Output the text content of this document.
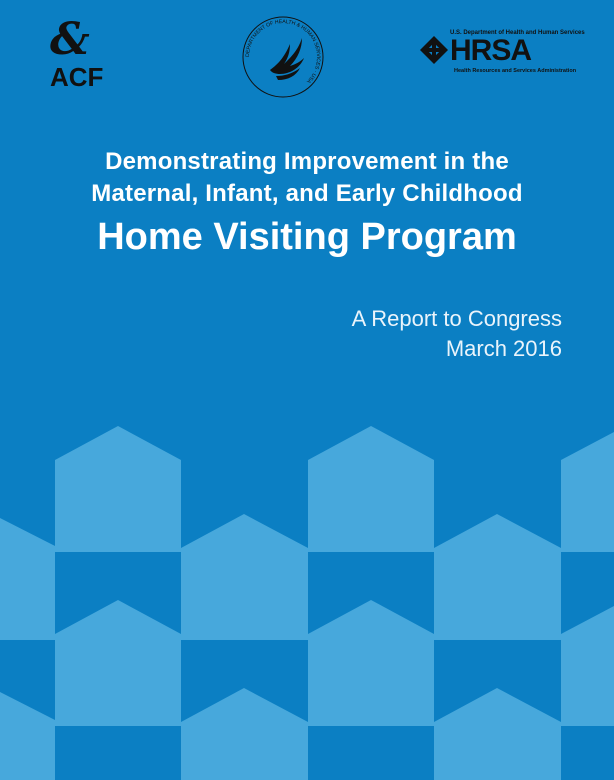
&
ACF
DEPARTMENT OF HEALTH & HUMAN SERVICES · USA
U.S. Department of Health and Human Services
HRSA
Health Resources and Services Administration
Demonstrating Improvement in the
Maternal, Infant, and Early Childhood
Home Visiting Program
A Report to Congress
March 2016
